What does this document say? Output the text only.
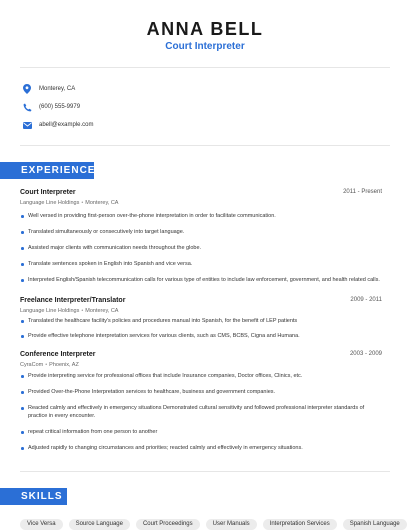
ANNA BELL
Court Interpreter
Monterey, CA
(600) 555-9979
abell@example.com
EXPERIENCE
Court Interpreter	2011 - Present
Language Line Holdings • Monterey, CA
Well versed in providing first-person over-the-phone interpretation in order to facilitate communication.
Translated simultaneously or consecutively into target language.
Assisted major clients with communication needs throughout the globe.
Translate sentences spoken in English into Spanish and vice versa.
Interpreted English/Spanish telecommunication calls for various type of entities to include law enforcement, government, and health related calls.
Freelance Interpreter/Translator	2009 - 2011
Language Line Holdings • Monterey, CA
Translated the healthcare facility's policies and procedures manual into Spanish, for the benefit of LEP patients
Provide effective telephone interpretation services for various clients, such as CMS, BCBS, Cigna and Humana.
Conference Interpreter	2003 - 2009
CyraCom • Phoenix, AZ
Provide interpreting service for professional offices that include Insurance companies, Doctor offices, Clinics, etc.
Provided Over-the-Phone Interpretation services to healthcare, business and government companies.
Reacted calmly and effectively in emergency situations Demonstrated cultural sensitivity and followed professional interpreter standards of practice in every encounter.
repeat critical information from one person to another
Adjusted rapidly to changing circumstances and priorities; reacted calmly and effectively in emergency situations.
SKILLS
Vice Versa	Source Language	Court Proceedings	User Manuals	Interpretation Services	Spanish Language
